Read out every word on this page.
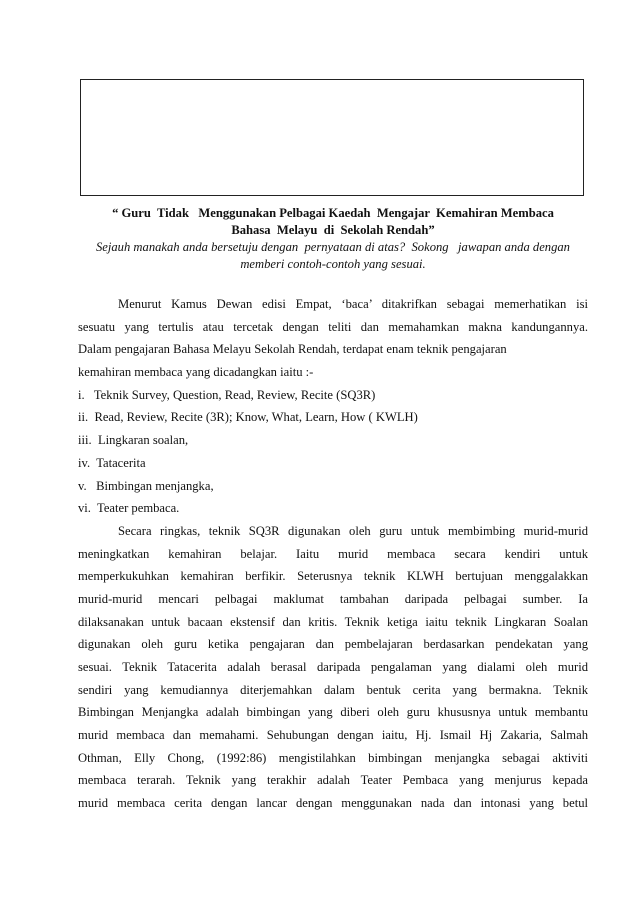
“ Guru  Tidak   Menggunakan Pelbagai Kaedah  Mengajar  Kemahiran Membaca
Bahasa  Melayu  di  Sekolah Rendah”
Sejauh manakah anda bersetuju dengan  pernyataan di atas?  Sokong   jawapan anda dengan
memberi contoh-contoh yang sesuai.
Menurut Kamus Dewan edisi Empat, ‘baca’ ditakrifkan sebagai memerhatikan isi
sesuatu yang tertulis atau tercetak dengan teliti dan memahamkan makna kandungannya.
Dalam pengajaran Bahasa Melayu Sekolah Rendah, terdapat enam teknik pengajaran
kemahiran membaca yang dicadangkan iaitu :-
i.   Teknik Survey, Question, Read, Review, Recite (SQ3R)
ii.  Read, Review, Recite (3R); Know, What, Learn, How ( KWLH)
iii.  Lingkaran soalan,
iv.  Tatacerita
v.   Bimbingan menjangka,
vi.  Teater pembaca.
Secara ringkas, teknik SQ3R digunakan oleh guru untuk membimbing murid-murid
meningkatkan kemahiran belajar. Iaitu murid membaca secara kendiri untuk
memperkukuhkan kemahiran berfikir. Seterusnya teknik KLWH bertujuan menggalakkan
murid-murid mencari pelbagai maklumat tambahan daripada pelbagai sumber. Ia
dilaksanakan untuk bacaan ekstensif dan kritis. Teknik ketiga iaitu teknik Lingkaran Soalan
digunakan oleh guru ketika pengajaran dan pembelajaran berdasarkan pendekatan yang
sesuai. Teknik Tatacerita adalah berasal daripada pengalaman yang dialami oleh murid
sendiri yang kemudiannya diterjemahkan dalam bentuk cerita yang bermakna. Teknik
Bimbingan Menjangka adalah bimbingan yang diberi oleh guru khususnya untuk membantu
murid membaca dan memahami. Sehubungan dengan iaitu, Hj. Ismail Hj Zakaria, Salmah
Othman, Elly Chong, (1992:86) mengistilahkan bimbingan menjangka sebagai aktiviti
membaca terarah. Teknik yang terakhir adalah Teater Pembaca yang menjurus kepada
murid membaca cerita dengan lancar dengan menggunakan nada dan intonasi yang betul
